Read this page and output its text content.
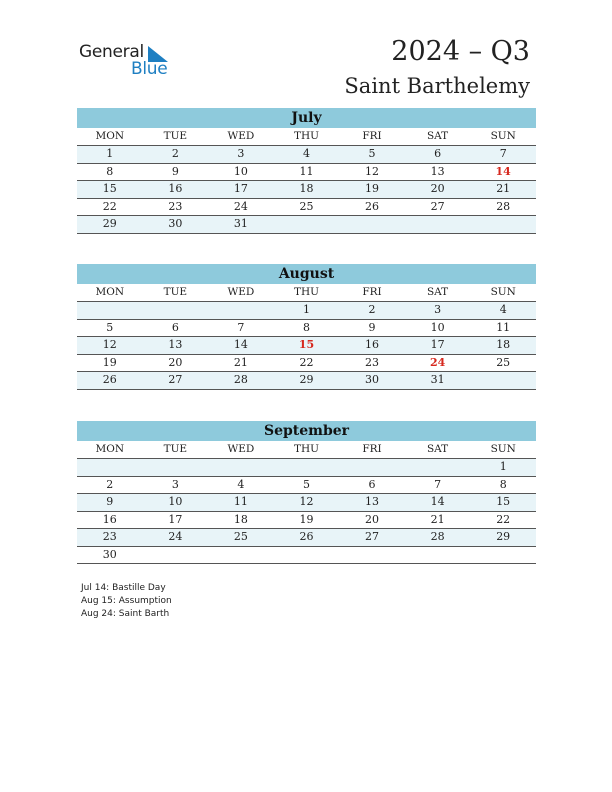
General
Blue
2024 – Q3
Saint Barthelemy
July
MON	TUE	WED	THU	FRI	SAT	SUN
1	2	3	4	5	6	7
8	9	10	11	12	13	14
15	16	17	18	19	20	21
22	23	24	25	26	27	28
29	30	31				
August
MON	TUE	WED	THU	FRI	SAT	SUN
			1	2	3	4
5	6	7	8	9	10	11
12	13	14	15	16	17	18
19	20	21	22	23	24	25
26	27	28	29	30	31	
September
MON	TUE	WED	THU	FRI	SAT	SUN
						1
2	3	4	5	6	7	8
9	10	11	12	13	14	15
16	17	18	19	20	21	22
23	24	25	26	27	28	29
30						
Jul 14: Bastille Day
Aug 15: Assumption
Aug 24: Saint Barth
